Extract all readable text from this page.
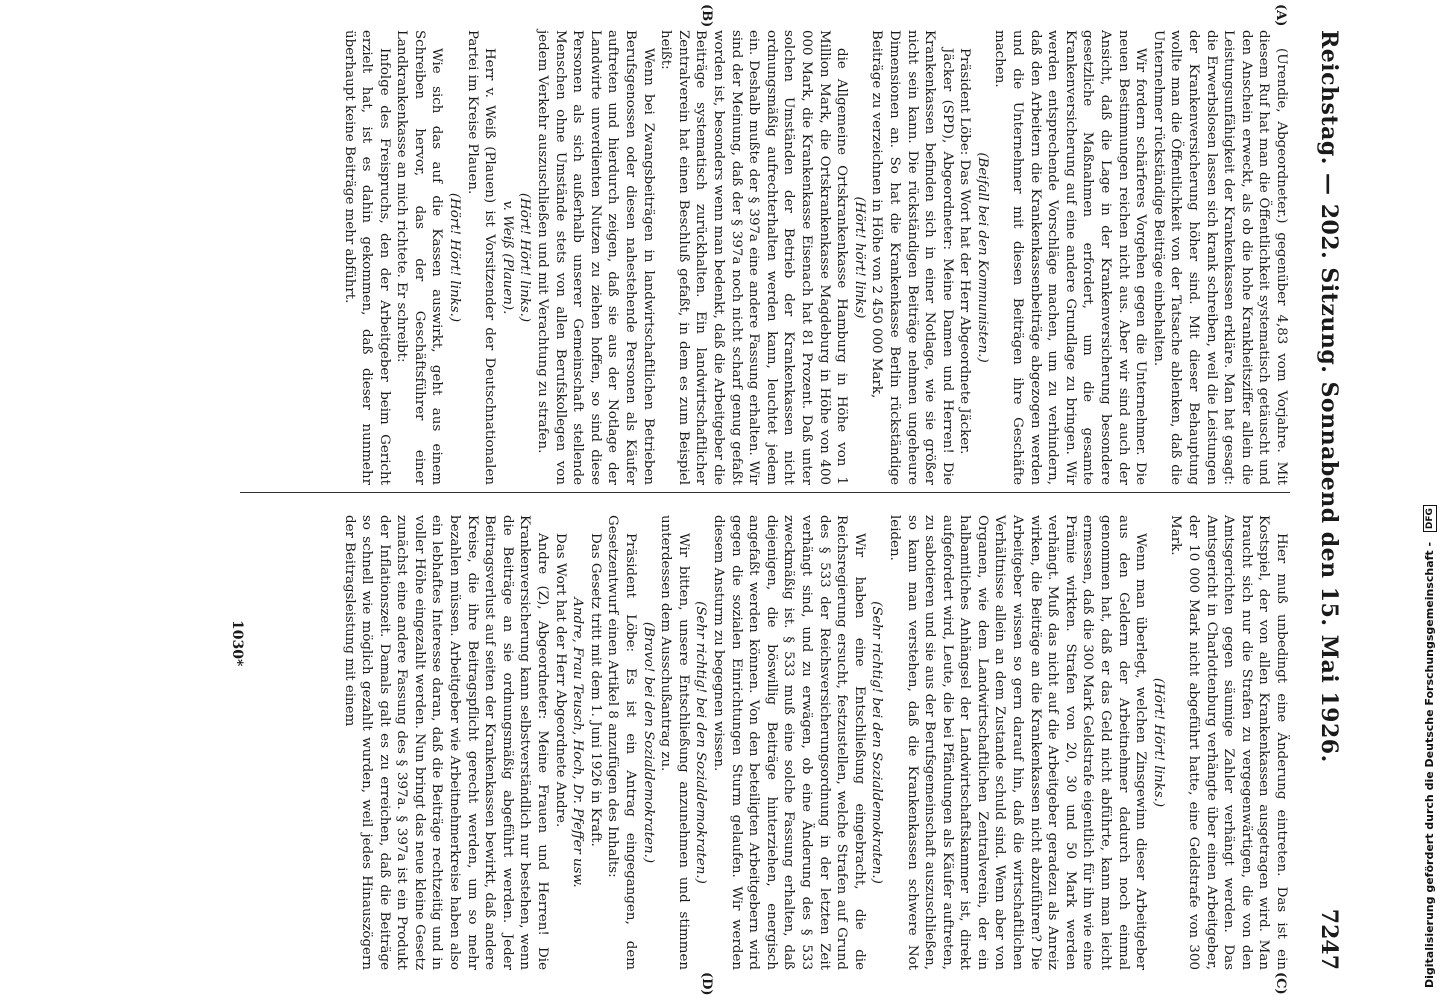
Reichstag. — 202. Sitzung. Sonnabend den 15. Mai 1926.
7247
(A)
(B)
(C)
(D)

(Urendie, Abgeordneter.) gegenüber 4,83 vom Vorjahre. Mit diesem Ruf hat man die Öffentlichkeit systematisch getäuscht und den Anschein erweckt, als ob die hohe Krankheitsziffer allein die Leistungsunfähigkeit der Krankenkassen erkläre. Man hat gesagt: die Erwerbslosen lassen sich krank schreiben, weil die Leistungen der Krankenversicherung höher sind. Mit dieser Behauptung wollte man die Öffentlichkeit von der Tatsache ablenken, daß die Unternehmer rückständige Beiträge einbehalten.

Wir fordern schärferes Vorgehen gegen die Unternehmer. Die neuen Bestimmungen reichen nicht aus. Aber wir sind auch der Ansicht, daß die Lage in der Krankenversicherung besondere gesetzliche Maßnahmen erfordert, um die gesamte Krankenversicherung auf eine andere Grundlage zu bringen. Wir werden entsprechende Vorschläge machen, um zu verhindern, daß den Arbeitern die Krankenkassenbeiträge abgezogen werden und die Unternehmer mit diesen Beiträgen ihre Geschäfte machen.

(Beifall bei den Kommunisten.)

Präsident Löbe: Das Wort hat der Herr Abgeordnete Jäcker.

Jäcker (SPD), Abgeordneter: Meine Damen und Herren! Die Krankenkassen befinden sich in einer Notlage, wie sie größer nicht sein kann. Die rückständigen Beiträge nehmen ungeheure Dimensionen an. So hat die Krankenkasse Berlin rückständige Beiträge zu verzeichnen in Höhe von 2 450 000 Mark,

(Hört! hört! links)

die Allgemeine Ortskrankenkasse Hamburg in Höhe von 1 Million Mark, die Ortskrankenkasse Magdeburg in Höhe von 400 000 Mark, die Krankenkasse Eisenach hat 81 Prozent. Daß unter solchen Umständen der Betrieb der Krankenkassen nicht ordnungsmäßig aufrechterhalten werden kann, leuchtet jedem ein. Deshalb mußte der § 397a eine andere Fassung erhalten. Wir sind der Meinung, daß der § 397a noch nicht scharf genug gefaßt worden ist, besonders wenn man bedenkt, daß die Arbeitgeber die Beiträge systematisch zurückhalten. Ein landwirtschaftlicher Zentralverein hat einen Beschluß gefaßt, in dem es zum Beispiel heißt:

Wenn bei Zwangsbeiträgen in landwirtschaftlichen Betrieben Berufsgenossen oder diesen nahestehende Personen als Käufer auftreten und hierdurch zeigen, daß sie aus der Notlage der Landwirte unverdienten Nutzen zu ziehen hoffen, so sind diese Personen als sich außerhalb unserer Gemeinschaft stellende Menschen ohne Umstände stets von allen Berufskollegen von jedem Verkehr auszuschließen und mit Verachtung zu strafen.

(Hört! Hört! links.)

v. Weiß (Plauen).

Herr v. Weiß (Plauen) ist Vorsitzender der Deutschnationalen Partei im Kreise Plauen.

(Hört! Hört! links.)

Wie sich das auf die Kassen auswirkt, geht aus einem Schreiben hervor, das der Geschäftsführer einer Landkrankenkasse an mich richtete. Er schreibt:

Infolge des Freispruchs, den der Arbeitgeber beim Gericht erzielt hat, ist es dahin gekommen, daß dieser nunmehr überhaupt keine Beiträge mehr abführt.

Hier muß unbedingt eine Änderung eintreten. Das ist ein Kostspiel, der von allen Krankenkassen ausgetragen wird. Man braucht sich nur die Strafen zu vergegenwärtigen, die von den Amtsgerichten gegen säumige Zahler verhängt werden. Das Amtsgericht in Charlottenburg verhängte über einen Arbeitgeber, der 10 000 Mark nicht abgeführt hatte, eine Geldstrafe von 300 Mark.

(Hört! Hört! links.)

Wenn man überlegt, welchen Zinsgewinn dieser Arbeitgeber aus den Geldern der Arbeitnehmer dadurch noch einmal genommen hat, daß er das Geld nicht abführte, kann man leicht ermessen, daß die 300 Mark Geldstrafe eigentlich für ihn wie eine Prämie wirkten. Strafen von 20, 30 und 50 Mark werden verhängt. Muß das nicht auf die Arbeitgeber geradezu als Anreiz wirken, die Beiträge an die Krankenkassen nicht abzuführen? Die Arbeitgeber wissen so gern darauf hin, daß die wirtschaftlichen Verhältnisse allein an dem Zustande schuld sind. Wenn aber von Organen, wie dem Landwirtschaftlichen Zentralverein, der ein halbamtliches Anhängsel der Landwirtschaftskammer ist, direkt aufgefordert wird, Leute, die bei Pfändungen als Käufer auftreten, zu sabotieren und sie aus der Berufsgemeinschaft auszuschließen, so kann man verstehen, daß die Krankenkassen schwere Not leiden.

(Sehr richtig! bei den Sozialdemokraten.)

Wir haben eine Entschließung eingebracht, die die Reichsregierung ersucht, festzustellen, welche Strafen auf Grund des § 533 der Reichsversicherungsordnung in der letzten Zeit verhängt sind, und zu erwägen, ob eine Änderung des § 533 zweckmäßig ist. § 533 muß eine solche Fassung erhalten, daß diejenigen, die böswillig Beiträge hinterziehen, energisch angefaßt werden können. Von den beteiligten Arbeitgebern wird gegen die sozialen Einrichtungen Sturm gelaufen. Wir werden diesem Ansturm zu begegnen wissen.

(Sehr richtig! bei den Sozialdemokraten.)

Wir bitten, unsere Entschließung anzunehmen und stimmen unterdessen dem Ausschußantrag zu.

(Bravo! bei den Sozialdemokraten.)

Präsident Löbe: Es ist ein Antrag eingegangen, dem Gesetzentwurf einen Artikel 8 anzufügen des Inhalts:

Das Gesetz tritt mit dem 1. Juni 1926 in Kraft.

Andre, Frau Teusch, Hoch, Dr. Pfeffer usw.

Das Wort hat der Herr Abgeordnete Andre.

Andre (Z), Abgeordneter: Meine Frauen und Herren! Die Krankenversicherung kann selbstverständlich nur bestehen, wenn die Beiträge an sie ordnungsmäßig abgeführt werden. Jeder Beitragsverlust auf seiten der Krankenkassen bewirkt, daß andere Kreise, die ihre Beitragspflicht gerecht werden, um so mehr bezahlen müssen. Arbeitgeber wie Arbeitnehmerkreise haben also ein lebhaftes Interesse daran, daß die Beiträge rechtzeitig und in voller Höhe eingezahlt werden. Nun bringt das neue kleine Gesetz zunächst eine andere Fassung des § 397a. § 397a ist ein Produkt der Inflationszeit. Damals galt es zu erreichen, daß die Beiträge so schnell wie möglich gezahlt wurden, weil jedes Hinauszögern der Beitragsleistung mit einem

1030*	Digitalisierung gefördert durch die Deutsche Forschungsgemeinschaft - DFG
